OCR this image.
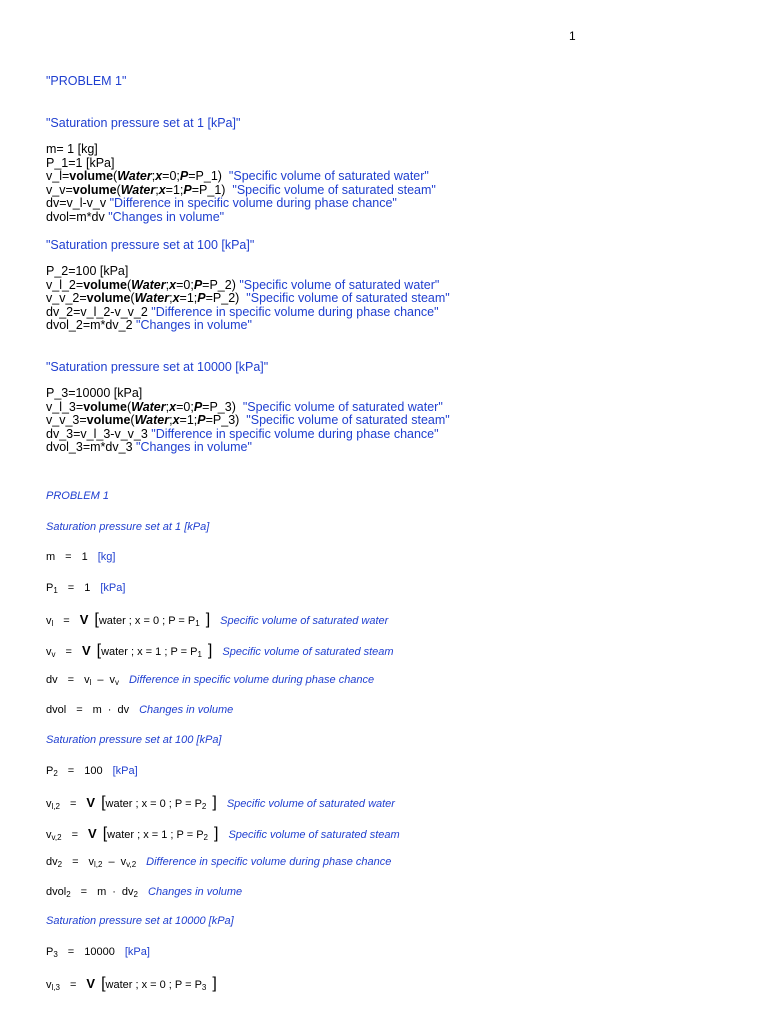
1
"PROBLEM 1"
"Saturation pressure set at 1 [kPa]"
m= 1 [kg]
P_1=1 [kPa]
v_l=volume(Water;x=0;P=P_1) "Specific volume of saturated water"
v_v=volume(Water;x=1;P=P_1) "Specific volume of saturated steam"
dv=v_l-v_v "Difference in specific volume during phase chance"
dvol=m*dv "Changes in volume"
"Saturation pressure set at 100 [kPa]"
P_2=100 [kPa]
v_l_2=volume(Water;x=0;P=P_2) "Specific volume of saturated water"
v_v_2=volume(Water;x=1;P=P_2) "Specific volume of saturated steam"
dv_2=v_l_2-v_v_2 "Difference in specific volume during phase chance"
dvol_2=m*dv_2 "Changes in volume"
"Saturation pressure set at 10000 [kPa]"
P_3=10000 [kPa]
v_l_3=volume(Water;x=0;P=P_3) "Specific volume of saturated water"
v_v_3=volume(Water;x=1;P=P_3) "Specific volume of saturated steam"
dv_3=v_l_3-v_v_3 "Difference in specific volume during phase chance"
dvol_3=m*dv_3 "Changes in volume"
PROBLEM 1
Saturation pressure set at 1 [kPa]
m = 1 [kg]
$P_1 = 1$ [kPa]
$v_l = V$ [water ; x = 0 ; $P = P_1$ ] Specific volume of saturated water
$v_v = V$ [water ; x = 1 ; $P = P_1$ ] Specific volume of saturated steam
dv = $v_l - v_v$ Difference in specific volume during phase chance
dvol = m · dv Changes in volume
Saturation pressure set at 100 [kPa]
$P_2 = 100$ [kPa]
$v_{l,2} = V$ [water ; x = 0 ; $P = P_2$ ] Specific volume of saturated water
$v_{v,2} = V$ [water ; x = 1 ; $P = P_2$ ] Specific volume of saturated steam
$dv_2 = v_{l,2} - v_{v,2}$ Difference in specific volume during phase chance
dvol$_2$ = $m \cdot dv_2$ Changes in volume
Saturation pressure set at 10000 [kPa]
$P_3 = 10000$ [kPa]
$v_{l,3} = V$ [water ; x = 0 ; $P = P_3$ ]
